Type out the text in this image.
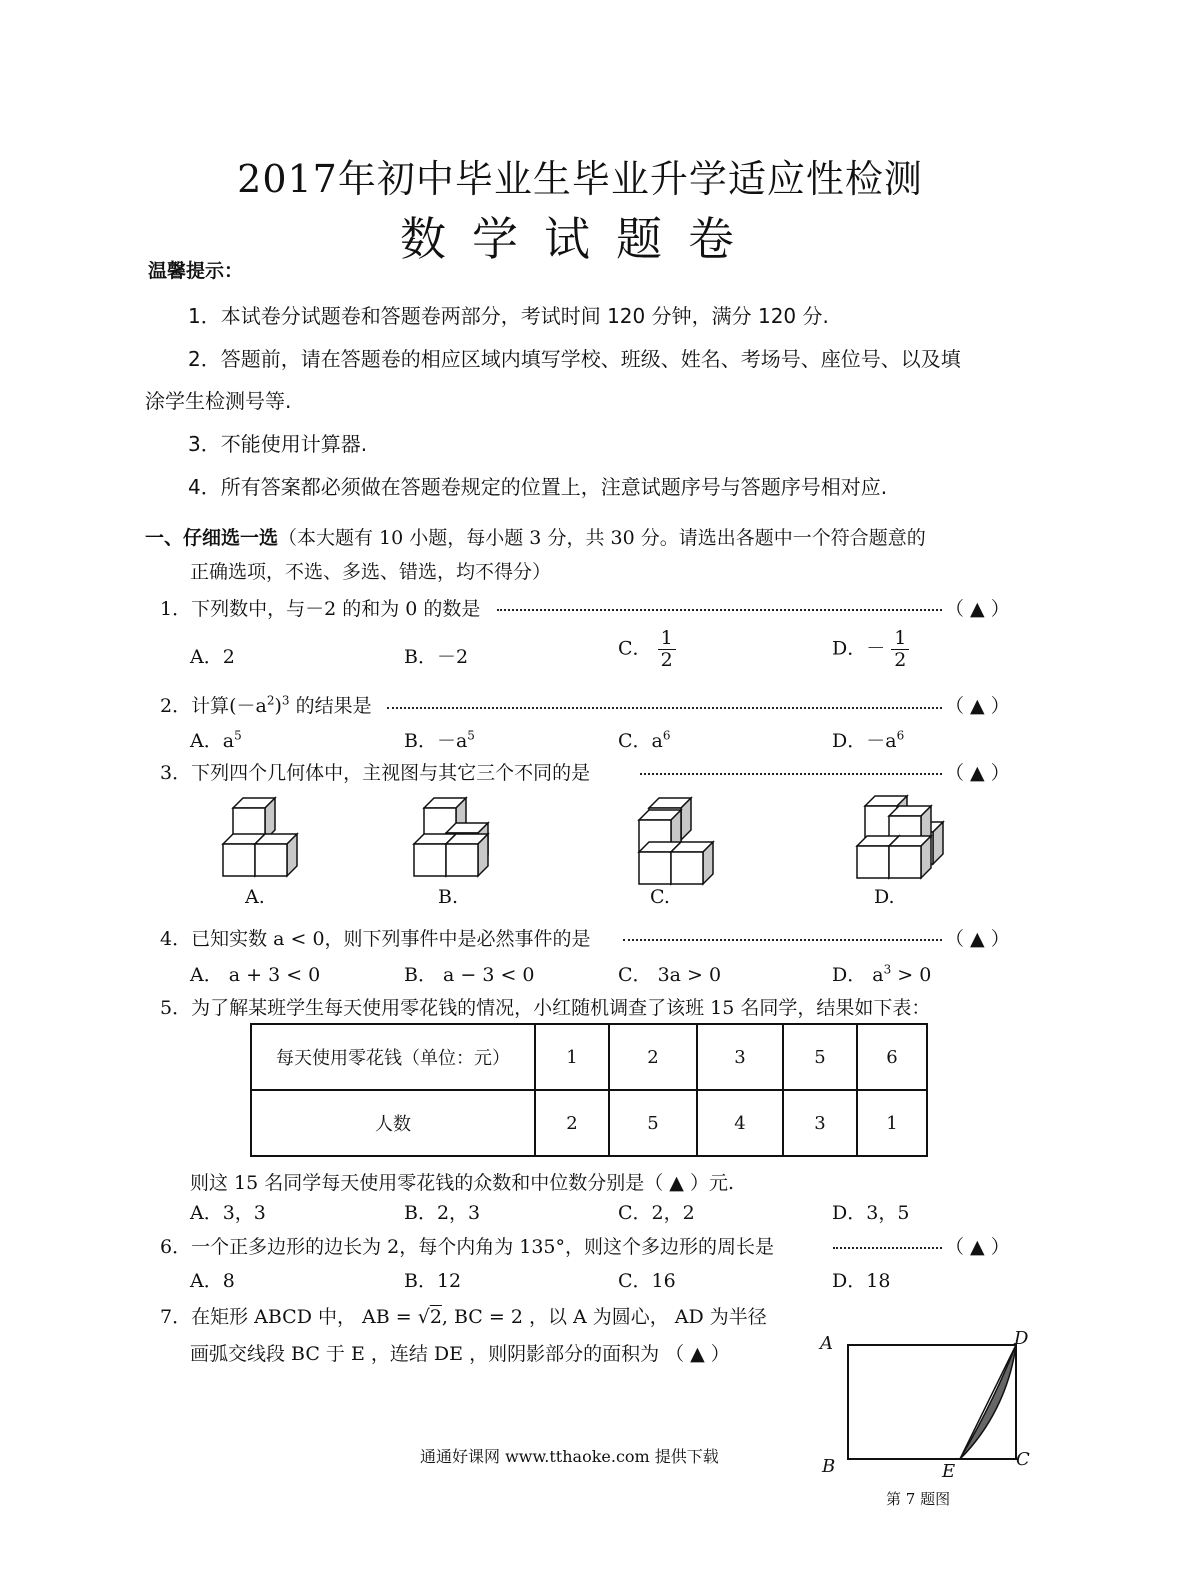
2017年初中毕业生毕业升学适应性检测
数学试题卷
温馨提示：
1．本试卷分试题卷和答题卷两部分，考试时间 120 分钟，满分 120 分.
2．答题前，请在答题卷的相应区域内填写学校、班级、姓名、考场号、座位号、以及填
涂学生检测号等.
3．不能使用计算器.
4．所有答案都必须做在答题卷规定的位置上，注意试题序号与答题序号相对应.
一、仔细选一选（本大题有 10 小题，每小题 3 分，共 30 分。请选出各题中一个符合题意的
正确选项，不选、多选、错选，均不得分）
1．下列数中，与－2 的和为 0 的数是	（ ▲ ）
A．2	B．－2	C． $\frac{1}{2}$	D．－ $\frac{1}{2}$
2．计算$(-a^2)^3$ 的结果是	（ ▲ ）
A．$a^5$	B．$-a^5$	C．$a^6$	D．$-a^6$
3．下列四个几何体中，主视图与其它三个不同的是	（ ▲ ）
A.	B.	C.	D.
4．已知实数 a < 0，则下列事件中是必然事件的是	（ ▲ ）
A． a + 3 < 0	B． a − 3 < 0	C． 3a > 0	D． $a^3 > 0$
5．为了解某班学生每天使用零花钱的情况，小红随机调查了该班 15 名同学，结果如下表：
每天使用零花钱（单位：元）	1	2	3	5	6
人数	2	5	4	3	1
则这 15 名同学每天使用零花钱的众数和中位数分别是（ ▲ ）元.
A．3，3	B．2，3	C．2，2	D．3，5
6．一个正多边形的边长为 2，每个内角为 135°，则这个多边形的周长是	（ ▲ ）
A．8	B．12	C．16	D．18
7．在矩形 ABCD 中， AB = √2, BC = 2 ，以 A 为圆心， AD 为半径
画弧交线段 BC 于 E ，连结 DE ，则阴影部分的面积为 （ ▲ ）	A	D
B	C
E
第 7 题图
通通好课网 www.tthaoke.com 提供下载
